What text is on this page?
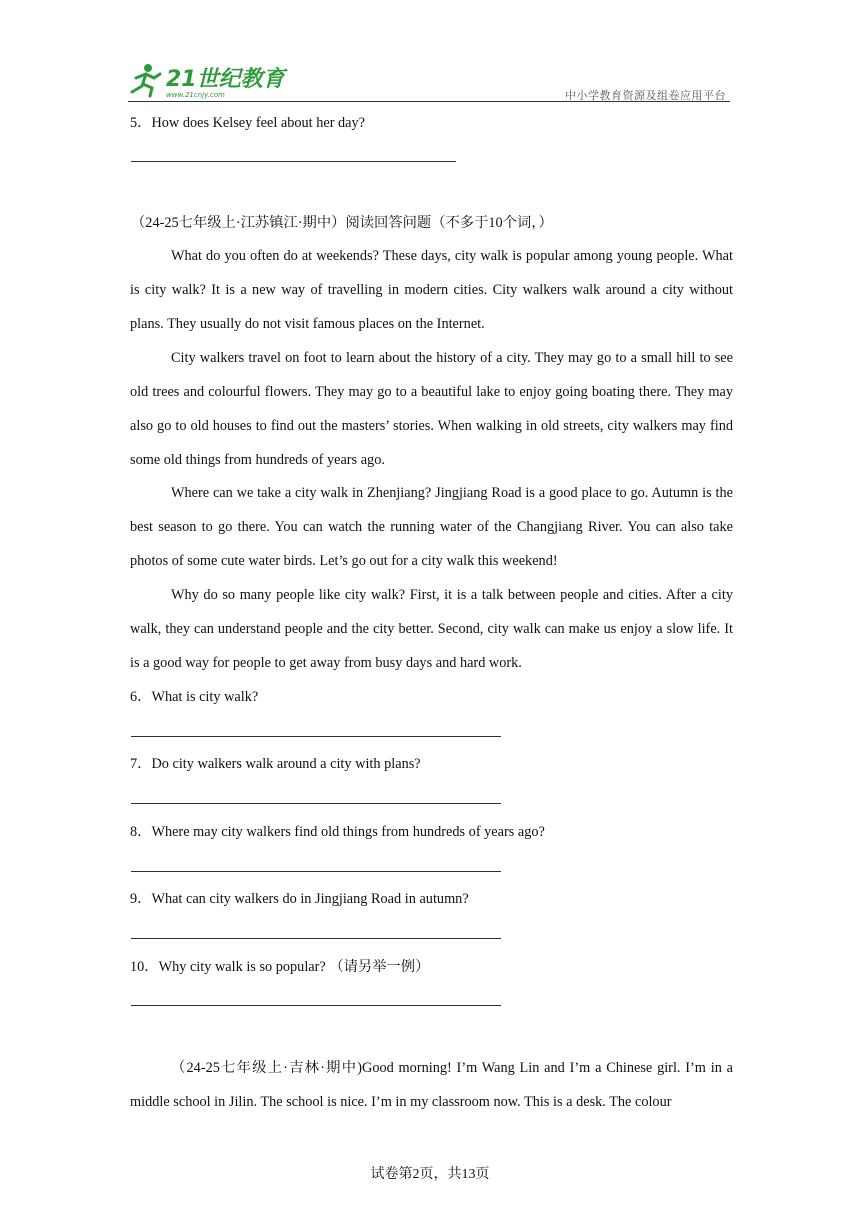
21世纪教育
www.21cnjy.com	中小学教育资源及组卷应用平台
5．How does Kelsey feel about her day?
（24-25七年级上·江苏镇江·期中）阅读回答问题（不多于10个词，）

What do you often do at weekends? These days, city walk is popular among young people. What is city walk? It is a new way of travelling in modern cities. City walkers walk around a city without plans. They usually do not visit famous places on the Internet.

City walkers travel on foot to learn about the history of a city. They may go to a small hill to see old trees and colourful flowers. They may go to a beautiful lake to enjoy going boating there. They may also go to old houses to find out the masters’ stories. When walking in old streets, city walkers may find some old things from hundreds of years ago.

Where can we take a city walk in Zhenjiang? Jingjiang Road is a good place to go. Autumn is the best season to go there. You can watch the running water of the Changjiang River. You can also take photos of some cute water birds. Let’s go out for a city walk this weekend!

Why do so many people like city walk? First, it is a talk between people and cities. After a city walk, they can understand people and the city better. Second, city walk can make us enjoy a slow life. It is a good way for people to get away from busy days and hard work.

6．What is city walk?
7．Do city walkers walk around a city with plans?
8．Where may city walkers find old things from hundreds of years ago?
9．What can city walkers do in Jingjiang Road in autumn?
10．Why city walk is so popular? （请另举一例）

（24-25七年级上·吉林·期中)Good morning! I’m Wang Lin and I’m a Chinese girl. I’m in a middle school in Jilin. The school is nice. I’m in my classroom now. This is a desk. The colour

试卷第2页，共13页
